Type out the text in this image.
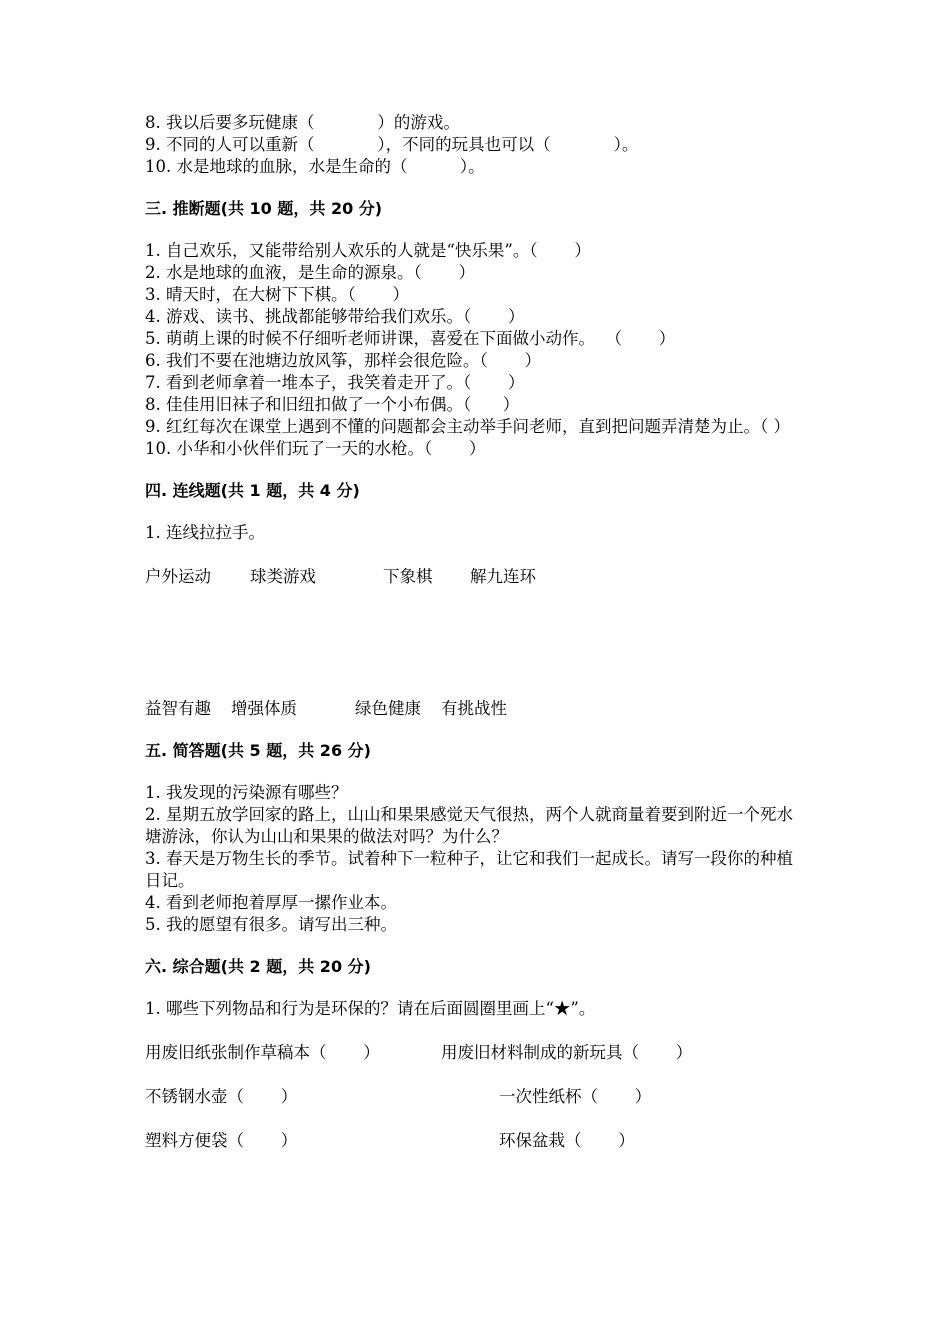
8. 我以后要多玩健康（            ）的游戏。
9. 不同的人可以重新（            ），不同的玩具也可以（            ）。
10. 水是地球的血脉，水是生命的（          ）。
三. 推断题(共 10 题，共 20 分)
1. 自己欢乐，又能带给别人欢乐的人就是“快乐果”。（       ）
2. 水是地球的血液，是生命的源泉。（       ）
3. 晴天时，在大树下下棋。（       ）
4. 游戏、读书、挑战都能够带给我们欢乐。（       ）
5. 萌萌上课的时候不仔细听老师讲课，喜爱在下面做小动作。  （       ）
6. 我们不要在池塘边放风筝，那样会很危险。（       ）
7. 看到老师拿着一堆本子，我笑着走开了。（       ）
8. 佳佳用旧袜子和旧纽扣做了一个小布偶。（      ）
9. 红红每次在课堂上遇到不懂的问题都会主动举手问老师，直到把问题弄清楚为止。（ ）
10. 小华和小伙伴们玩了一天的水枪。（       ）
四. 连线题(共 1 题，共 4 分)
1. 连线拉拉手。
户外运动 球类游戏	下象棋 解九连环
益智有趣 增强体质	绿色健康 有挑战性
五. 简答题(共 5 题，共 26 分)
1. 我发现的污染源有哪些？
2. 星期五放学回家的路上，山山和果果感觉天气很热，两个人就商量着要到附近一个死水塘游泳，你认为山山和果果的做法对吗？为什么？
3. 春天是万物生长的季节。试着种下一粒种子，让它和我们一起成长。请写一段你的种植日记。
4. 看到老师抱着厚厚一摞作业本。
5. 我的愿望有很多。请写出三种。
六. 综合题(共 2 题，共 20 分)
1. 哪些下列物品和行为是环保的？请在后面圆圈里画上“★”。
用废旧纸张制作草稿本（       ）	用废旧材料制成的新玩具（       ）
不锈钢水壶（       ）	一次性纸杯（       ）
塑料方便袋（       ）	环保盆栽（       ）
